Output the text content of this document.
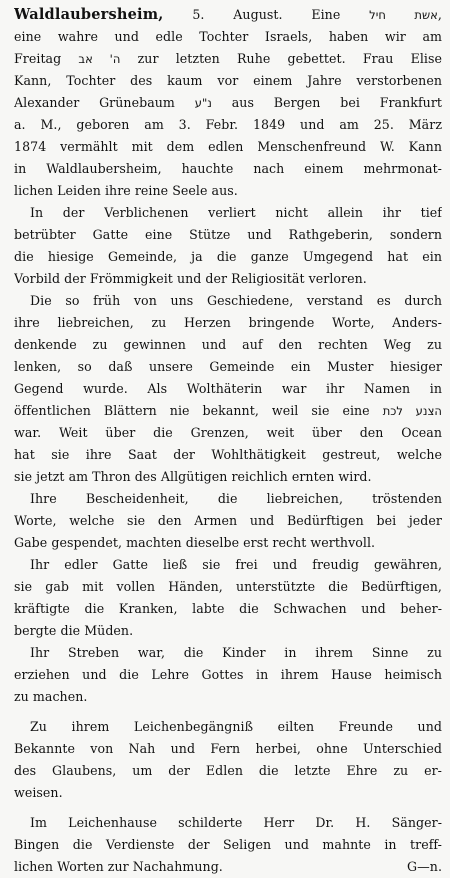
Waldlaubersheim, 5. August. Eine אשת חיל,
eine wahre und edle Tochter Israels, haben wir am
Freitag ה' אב zur letzten Ruhe gebettet. Frau Elise
Kann, Tochter des kaum vor einem Jahre verstorbenen
Alexander Grünebaum נ"ע aus Bergen bei Frankfurt
a. M., geboren am 3. Febr. 1849 und am 25. März
1874 vermählt mit dem edlen Menschenfreund W. Kann
in Waldlaubersheim, hauchte nach einem mehrmonat-
lichen Leiden ihre reine Seele aus.
In der Verblichenen verliert nicht allein ihr tief
betrübter Gatte eine Stütze und Rathgeberin, sondern
die hiesige Gemeinde, ja die ganze Umgegend hat ein
Vorbild der Frömmigkeit und der Religiosität verloren.
Die so früh von uns Geschiedene, verstand es durch
ihre liebreichen, zu Herzen bringende Worte, Anders-
denkende zu gewinnen und auf den rechten Weg zu
lenken, so daß unsere Gemeinde ein Muster hiesiger
Gegend wurde. Als Wolthäterin war ihr Namen in
öffentlichen Blättern nie bekannt, weil sie eine הצנע לכת
war. Weit über die Grenzen, weit über den Ocean
hat sie ihre Saat der Wohlthätigkeit gestreut, welche
sie jetzt am Thron des Allgütigen reichlich ernten wird.
Ihre Bescheidenheit, die liebreichen, tröstenden
Worte, welche sie den Armen und Bedürftigen bei jeder
Gabe gespendet, machten dieselbe erst recht werthvoll.
Ihr edler Gatte ließ sie frei und freudig gewähren,
sie gab mit vollen Händen, unterstützte die Bedürftigen,
kräftigte die Kranken, labte die Schwachen und beher-
bergte die Müden.
Ihr Streben war, die Kinder in ihrem Sinne zu
erziehen und die Lehre Gottes in ihrem Hause heimisch
zu machen.
Zu ihrem Leichenbegängniß eilten Freunde und
Bekannte von Nah und Fern herbei, ohne Unterschied
des Glaubens, um der Edlen die letzte Ehre zu er-
weisen.
Im Leichenhause schilderte Herr Dr. H. Sänger-
Bingen die Verdienste der Seligen und mahnte in treff-
lichen Worten zur Nachahmung.	G—n.
